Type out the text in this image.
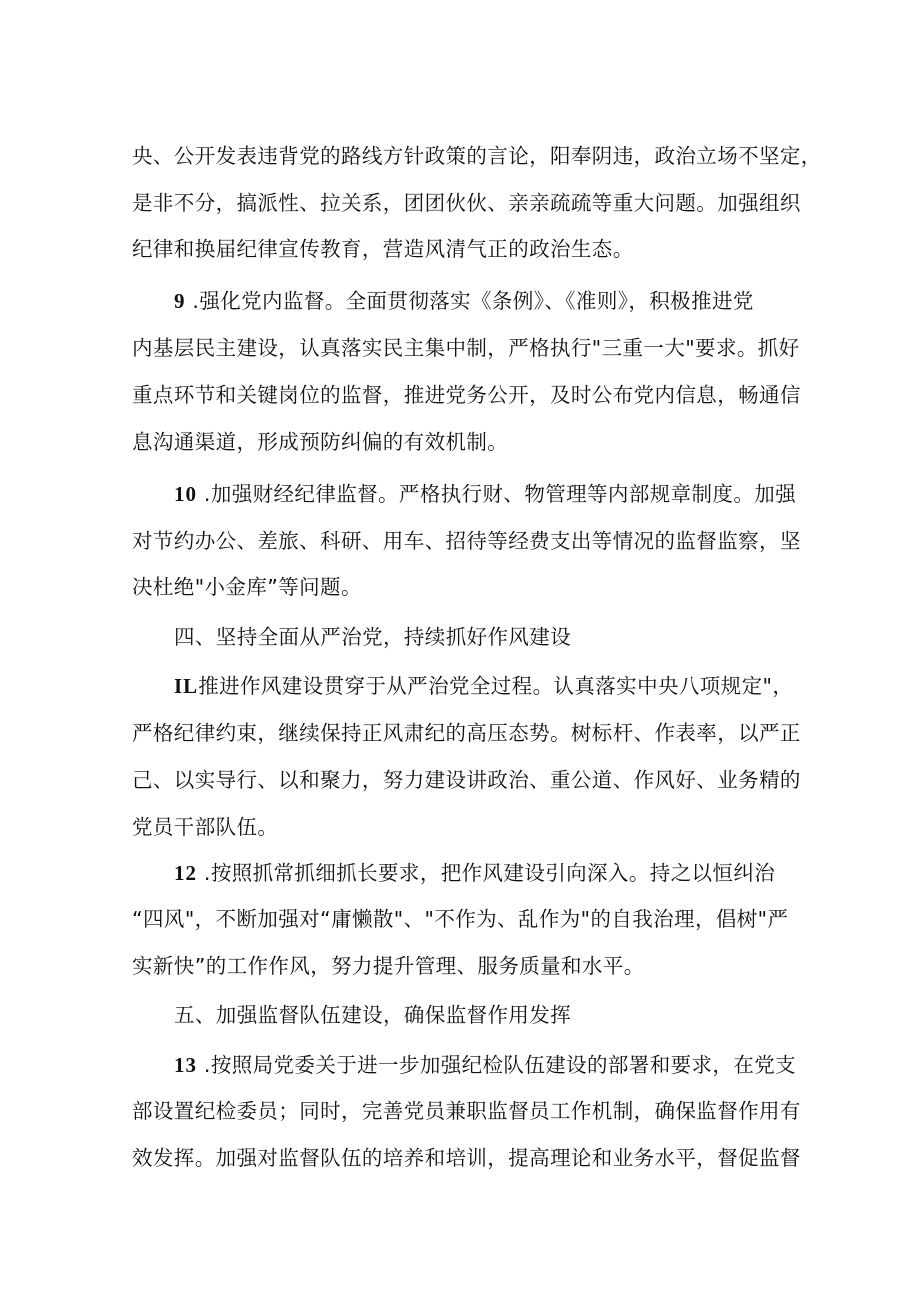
央、公开发表违背党的路线方针政策的言论，阳奉阴违，政治立场不坚定，
是非不分，搞派性、拉关系，团团伙伙、亲亲疏疏等重大问题。加强组织
纪律和换届纪律宣传教育，营造风清气正的政治生态。
9 .强化党内监督。全面贯彻落实《条例》、《准则》，积极推进党
内基层民主建设，认真落实民主集中制，严格执行"三重一大"要求。抓好
重点环节和关键岗位的监督，推进党务公开，及时公布党内信息，畅通信
息沟通渠道，形成预防纠偏的有效机制。
10 .加强财经纪律监督。严格执行财、物管理等内部规章制度。加强
对节约办公、差旅、科研、用车、招待等经费支出等情况的监督监察，坚
决杜绝"小金库”等问题。
四、坚持全面从严治党，持续抓好作风建设
IL推进作风建设贯穿于从严治党全过程。认真落实中央八项规定"，
严格纪律约束，继续保持正风肃纪的高压态势。树标杆、作表率，以严正
己、以实导行、以和聚力，努力建设讲政治、重公道、作风好、业务精的
党员干部队伍。
12 .按照抓常抓细抓长要求，把作风建设引向深入。持之以恒纠治
“四风"，不断加强对“庸懒散"、"不作为、乱作为"的自我治理，倡树"严
实新快”的工作作风，努力提升管理、服务质量和水平。
五、加强监督队伍建设，确保监督作用发挥
13 .按照局党委关于进一步加强纪检队伍建设的部署和要求，在党支
部设置纪检委员；同时，完善党员兼职监督员工作机制，确保监督作用有
效发挥。加强对监督队伍的培养和培训，提高理论和业务水平，督促监督
